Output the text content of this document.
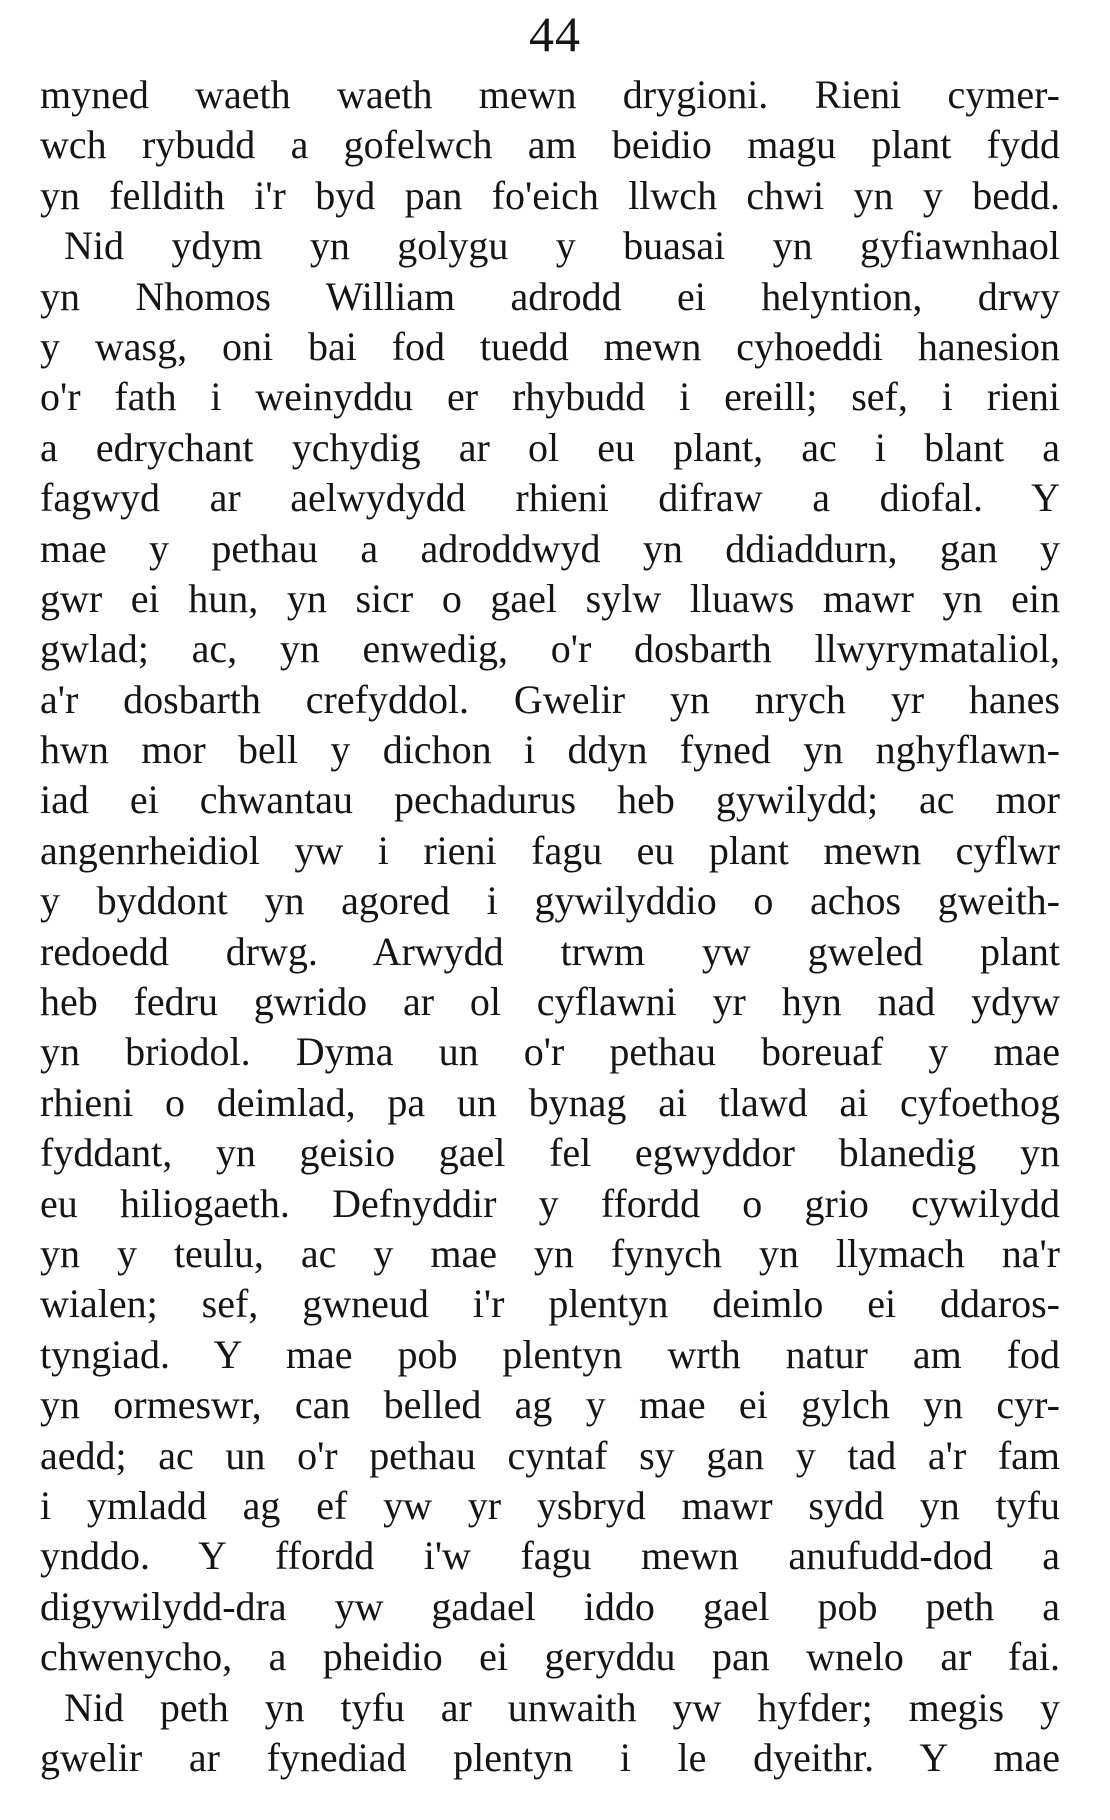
44
myned waeth waeth mewn drygioni. Rieni cymer-
wch rybudd a gofelwch am beidio magu plant fydd
yn felldith i'r byd pan fo'eich llwch chwi yn y bedd.
Nid ydym yn golygu y buasai yn gyfiawnhaol
yn Nhomos William adrodd ei helyntion, drwy
y wasg, oni bai fod tuedd mewn cyhoeddi hanesion
o'r fath i weinyddu er rhybudd i ereill; sef, i rieni
a edrychant ychydig ar ol eu plant, ac i blant a
fagwyd ar aelwydydd rhieni difraw a diofal. Y
mae y pethau a adroddwyd yn ddiaddurn, gan y
gwr ei hun, yn sicr o gael sylw lluaws mawr yn ein
gwlad; ac, yn enwedig, o'r dosbarth llwyrymataliol,
a'r dosbarth crefyddol. Gwelir yn nrych yr hanes
hwn mor bell y dichon i ddyn fyned yn nghyflawn-
iad ei chwantau pechadurus heb gywilydd; ac mor
angenrheidiol yw i rieni fagu eu plant mewn cyflwr
y byddont yn agored i gywilyddio o achos gweith-
redoedd drwg. Arwydd trwm yw gweled plant
heb fedru gwrido ar ol cyflawni yr hyn nad ydyw
yn briodol. Dyma un o'r pethau boreuaf y mae
rhieni o deimlad, pa un bynag ai tlawd ai cyfoethog
fyddant, yn geisio gael fel egwyddor blanedig yn
eu hiliogaeth. Defnyddir y ffordd o grio cywilydd
yn y teulu, ac y mae yn fynych yn llymach na'r
wialen; sef, gwneud i'r plentyn deimlo ei ddaros-
tyngiad. Y mae pob plentyn wrth natur am fod
yn ormeswr, can belled ag y mae ei gylch yn cyr-
aedd; ac un o'r pethau cyntaf sy gan y tad a'r fam
i ymladd ag ef yw yr ysbryd mawr sydd yn tyfu
ynddo. Y ffordd i'w fagu mewn anufudd-dod a
digywilydd-dra yw gadael iddo gael pob peth a
chwenycho, a pheidio ei geryddu pan wnelo ar fai.
Nid peth yn tyfu ar unwaith yw hyfder; megis y
gwelir ar fynediad plentyn i le dyeithr. Y mae
